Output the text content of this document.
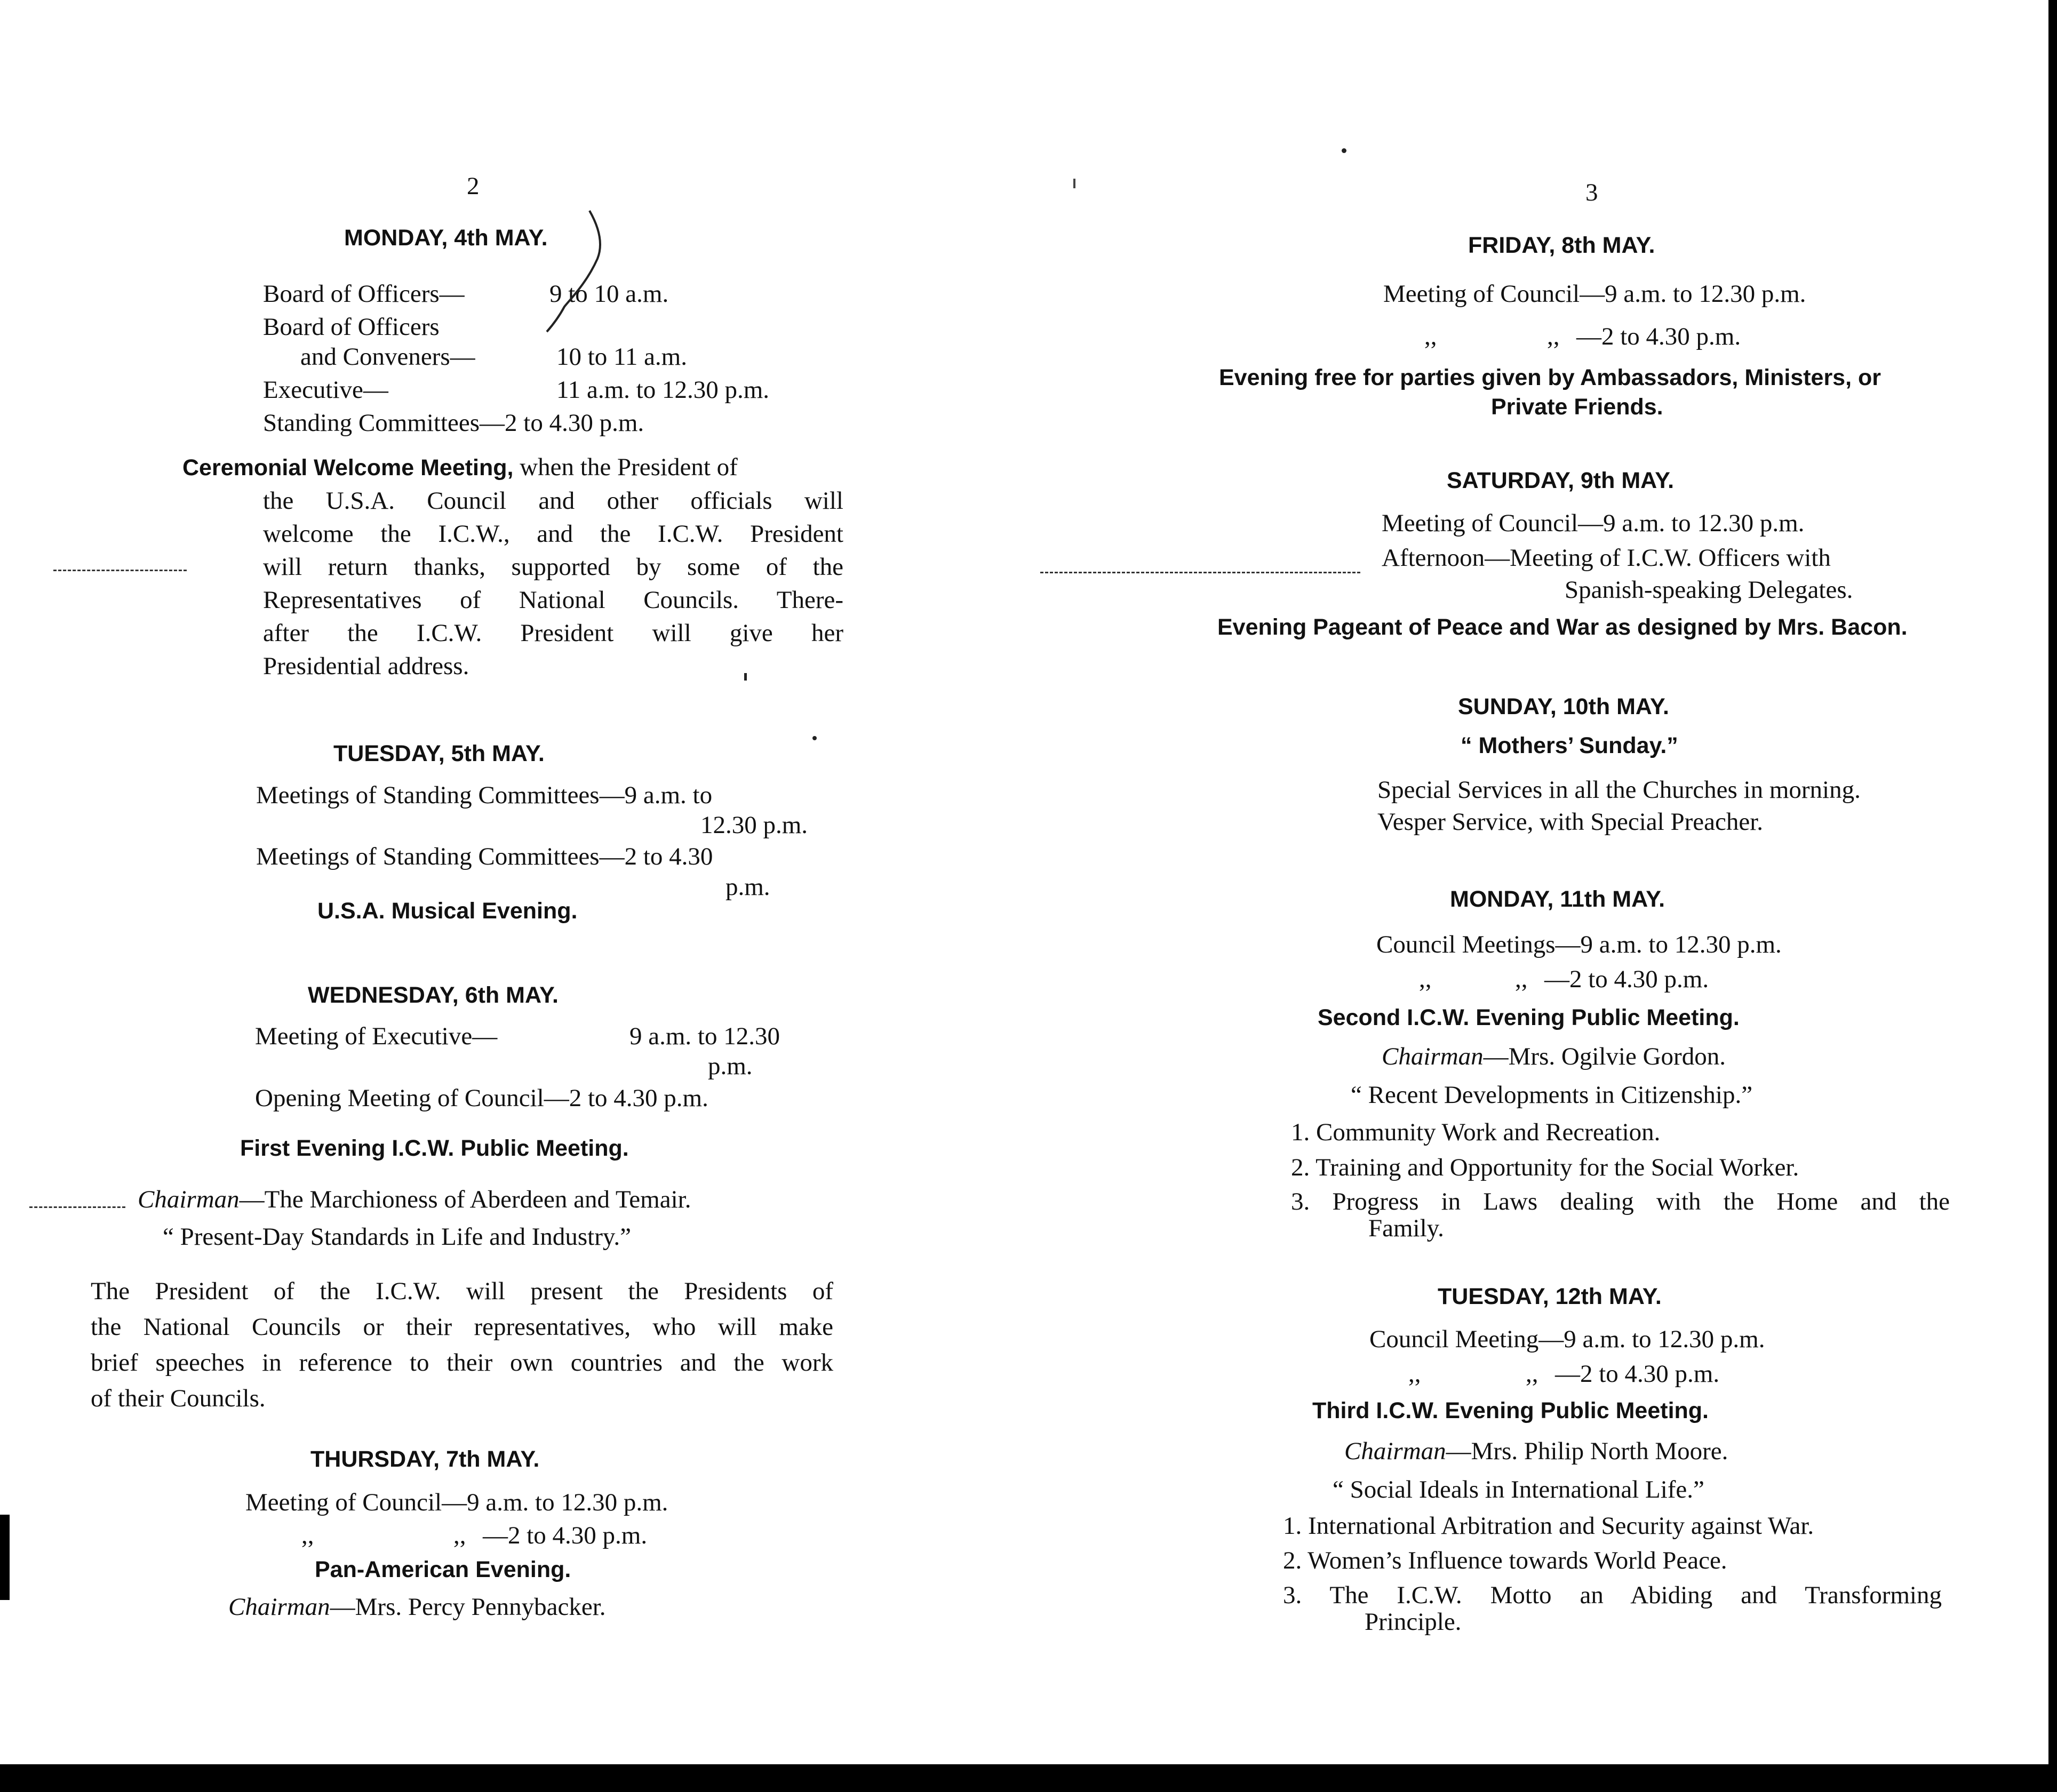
2
MONDAY, 4th MAY.
Board of Officers—	9 to 10 a.m.
Board of Officers
and Conveners—	10 to 11 a.m.
Executive—	11 a.m. to 12.30 p.m.
Standing Committees—2 to 4.30 p.m.
Ceremonial Welcome Meeting, when the President of
the U.S.A. Council and other officials will
welcome the I.C.W., and the I.C.W. President
will return thanks, supported by some of the
Representatives of National Councils. There-
after the I.C.W. President will give her
Presidential address.
TUESDAY, 5th MAY.
Meetings of Standing Committees—9 a.m. to
12.30 p.m.
Meetings of Standing Committees—2 to 4.30
p.m.
U.S.A. Musical Evening.
WEDNESDAY, 6th MAY.
Meeting of Executive—	9 a.m. to 12.30
p.m.
Opening Meeting of Council—2 to 4.30 p.m.
First Evening I.C.W. Public Meeting.
Chairman—The Marchioness of Aberdeen and Temair.
“ Present-Day Standards in Life and Industry.”
The President of the I.C.W. will present the Presidents of
the National Councils or their representatives, who will make
brief speeches in reference to their own countries and the work
of their Councils.
THURSDAY, 7th MAY.
Meeting of Council—9 a.m. to 12.30 p.m.
,,	,, —2 to 4.30 p.m.
Pan-American Evening.
Chairman—Mrs. Percy Pennybacker.
3
FRIDAY, 8th MAY.
Meeting of Council—9 a.m. to 12.30 p.m.
,,	,, —2 to 4.30 p.m.
Evening free for parties given by Ambassadors, Ministers, or
Private Friends.
SATURDAY, 9th MAY.
Meeting of Council—9 a.m. to 12.30 p.m.
Afternoon—Meeting of I.C.W. Officers with
Spanish-speaking Delegates.
Evening Pageant of Peace and War as designed by Mrs. Bacon.
SUNDAY, 10th MAY.
“ Mothers’ Sunday.”
Special Services in all the Churches in morning.
Vesper Service, with Special Preacher.
MONDAY, 11th MAY.
Council Meetings—9 a.m. to 12.30 p.m.
,,	,, —2 to 4.30 p.m.
Second I.C.W. Evening Public Meeting.
Chairman—Mrs. Ogilvie Gordon.
“ Recent Developments in Citizenship.”
1. Community Work and Recreation.
2. Training and Opportunity for the Social Worker.
3. Progress in Laws dealing with the Home and the
Family.
TUESDAY, 12th MAY.
Council Meeting—9 a.m. to 12.30 p.m.
,,	,, —2 to 4.30 p.m.
Third I.C.W. Evening Public Meeting.
Chairman—Mrs. Philip North Moore.
“ Social Ideals in International Life.”
1. International Arbitration and Security against War.
2. Women’s Influence towards World Peace.
3. The I.C.W. Motto an Abiding and Transforming
Principle.
